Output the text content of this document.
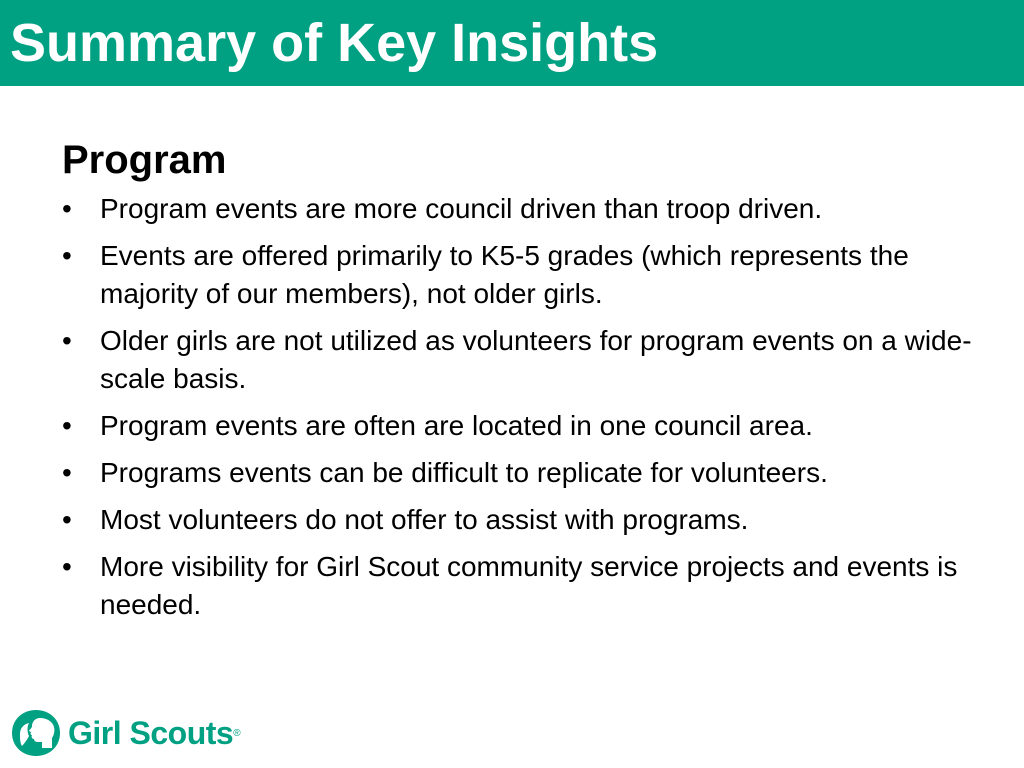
Summary of Key Insights
Program
•	Program events are more council driven than troop driven.
•	Events are offered primarily to K5-5 grades (which represents the majority of our members), not older girls.
•	Older girls are not utilized as volunteers for program events on a wide-scale basis.
•	Program events are often are located in one council area.
•	Programs events can be difficult to replicate for volunteers.
•	Most volunteers do not offer to assist with programs.
•	More visibility for Girl Scout community service projects and events is needed.
Girl Scouts ®
